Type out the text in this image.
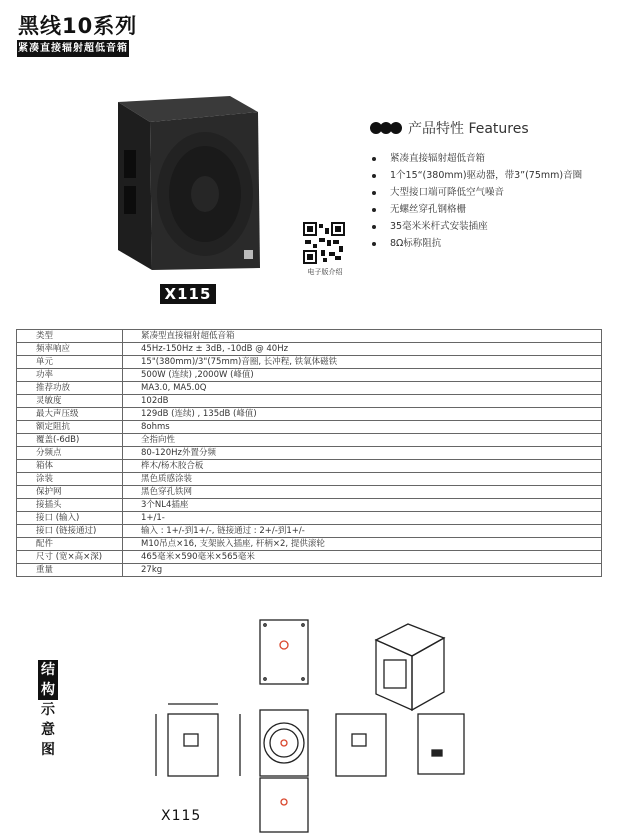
黑线10系列
紧凑直接辐射超低音箱
X115
电子版介绍
产品特性 Features
紧凑直接辐射超低音箱
1个15“(380mm)驱动器，带3”(75mm)音圈
大型接口端可降低空气噪音
无螺丝穿孔钢格栅
35毫米米杆式安装插座
8Ω标称阻抗
类型	紧凑型直接辐射超低音箱
频率响应	45Hz-150Hz ± 3dB, -10dB @ 40Hz
单元	15"(380mm)/3"(75mm)音圈, 长冲程, 铁氧体磁铁
功率	500W (连续) ,2000W (峰值)
推荐功放	MA3.0, MA5.0Q
灵敏度	102dB
最大声压级	129dB (连续) , 135dB (峰值)
额定阻抗	8ohms
覆盖(-6dB)	全指向性
分频点	80-120Hz外置分频
箱体	桦木/杨木胶合板
涂装	黑色质感涂装
保护网	黑色穿孔铁网
接插头	3个NL4插座
接口 (输入)	1+/1-
接口 (链接通过)	输入 : 1+/-到1+/-, 链接通过 : 2+/-到1+/-
配件	M10吊点×16, 支架嵌入插座, 杆柄×2, 提供滚轮
尺寸 (宽×高×深)	465毫米×590毫米×565毫米
重量	27kg
结
构
示
意
图
X115
